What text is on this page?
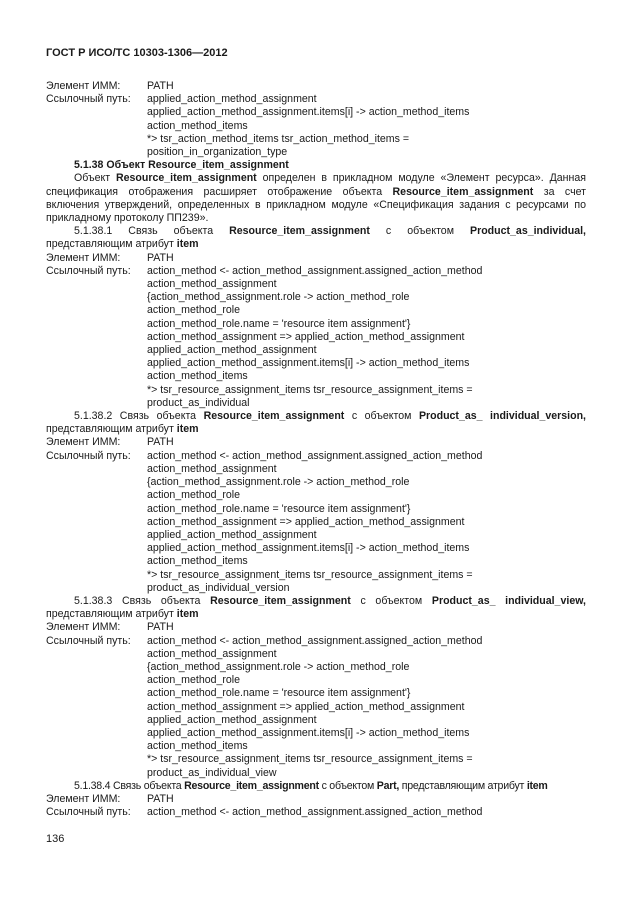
ГОСТ Р ИСО/ТС 10303-1306—2012
Элемент ИММ:	PATH
Ссылочный путь:	applied_action_method_assignment
applied_action_method_assignment.items[i] -> action_method_items
action_method_items
*> tsr_action_method_items tsr_action_method_items =
position_in_organization_type
5.1.38 Объект Resource_item_assignment
Объект Resource_item_assignment определен в прикладном модуле «Элемент ресурса». Данная спецификация отображения расширяет отображение объекта Resource_item_assignment за счет включения утверждений, определенных в прикладном модуле «Спецификация задания с ресурсами по прикладному протоколу ПП239».
5.1.38.1 Связь объекта Resource_item_assignment с объектом Product_as_individual, представляющим атрибут item
Элемент ИММ:	PATH
Ссылочный путь:	action_method <- action_method_assignment.assigned_action_method
action_method_assignment
{action_method_assignment.role -> action_method_role
action_method_role
action_method_role.name = 'resource item assignment'}
action_method_assignment => applied_action_method_assignment
applied_action_method_assignment
applied_action_method_assignment.items[i] -> action_method_items
action_method_items
*> tsr_resource_assignment_items tsr_resource_assignment_items =
product_as_individual
5.1.38.2 Связь объекта Resource_item_assignment с объектом Product_as_ individual_version, представляющим атрибут item
Элемент ИММ:	PATH
Ссылочный путь:	action_method <- action_method_assignment.assigned_action_method
action_method_assignment
{action_method_assignment.role -> action_method_role
action_method_role
action_method_role.name = 'resource item assignment'}
action_method_assignment => applied_action_method_assignment
applied_action_method_assignment
applied_action_method_assignment.items[i] -> action_method_items
action_method_items
*> tsr_resource_assignment_items tsr_resource_assignment_items =
product_as_individual_version
5.1.38.3 Связь объекта Resource_item_assignment с объектом Product_as_ individual_view, представляющим атрибут item
Элемент ИММ:	PATH
Ссылочный путь:	action_method <- action_method_assignment.assigned_action_method
action_method_assignment
{action_method_assignment.role -> action_method_role
action_method_role
action_method_role.name = 'resource item assignment'}
action_method_assignment => applied_action_method_assignment
applied_action_method_assignment
applied_action_method_assignment.items[i] -> action_method_items
action_method_items
*> tsr_resource_assignment_items tsr_resource_assignment_items =
product_as_individual_view
5.1.38.4 Связь объекта Resource_item_assignment с объектом Part, представляющим атрибут item
Элемент ИММ:	PATH
Ссылочный путь:	action_method <- action_method_assignment.assigned_action_method
136
